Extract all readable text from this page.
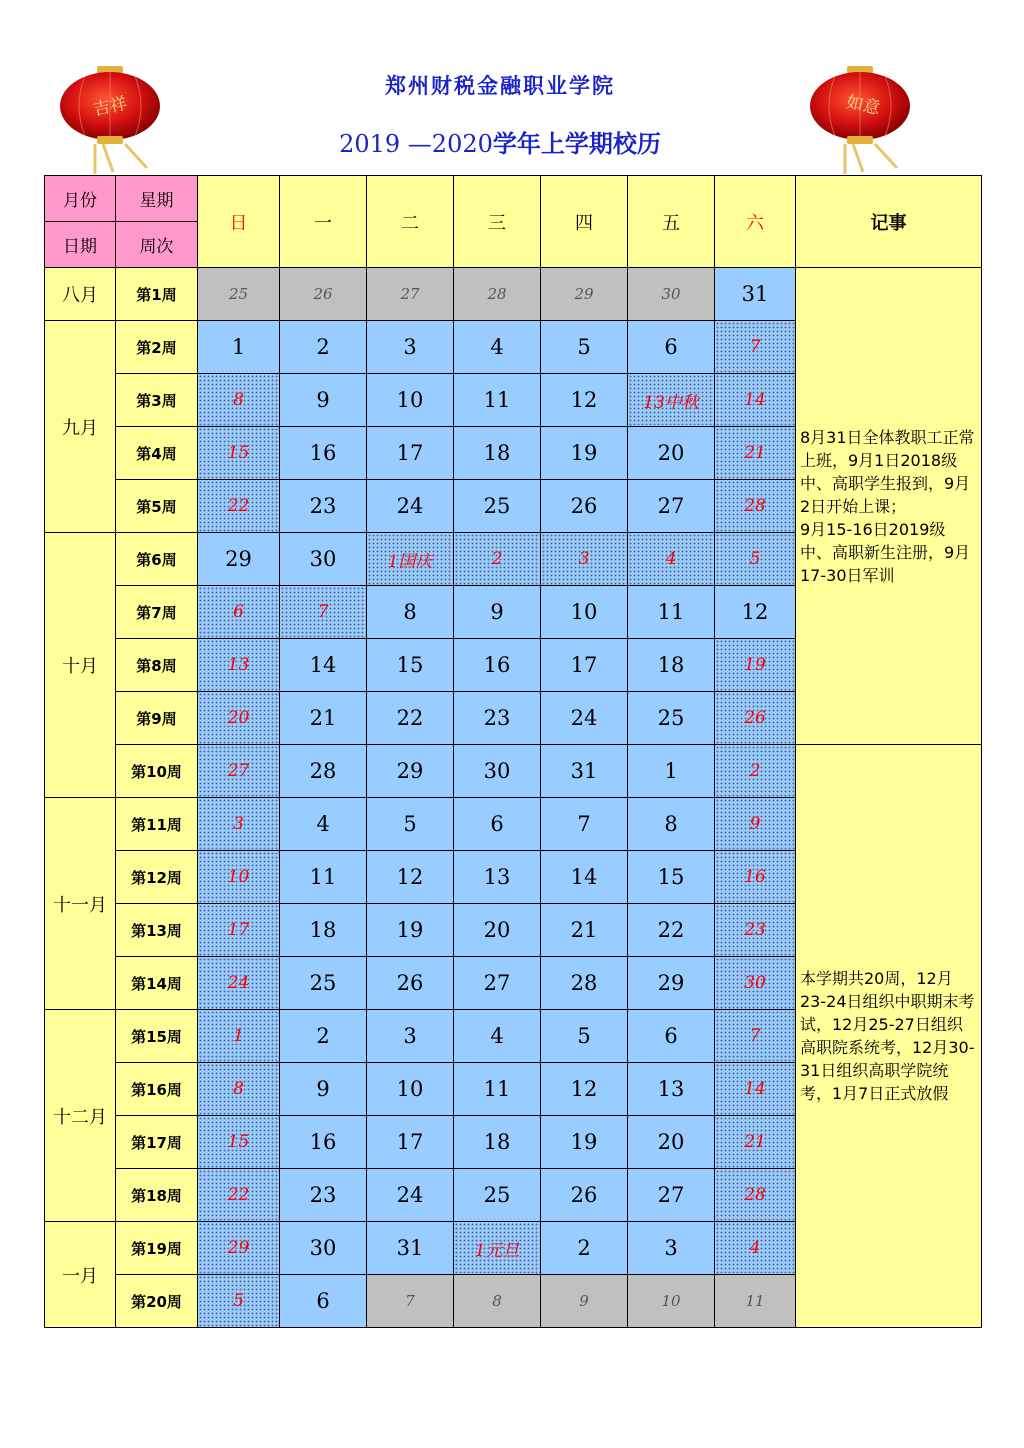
吉祥	如意
郑州财税金融职业学院
2019 —2020学年上学期校历
月份	星期	日	一	二	三	四	五	六	记事
日期	周次								
八月	第1周	25	26	27	28	29	30	31	8月31日全体教职工正常上班，9月1日2018级中、高职学生报到，9月2日开始上课；
9月15-16日2019级中、高职新生注册，9月17-30日军训

九月	第2周	1	2	3	4	5	6	7	
	第3周	8	9	10	11	12	13中秋	14	
	第4周	15	16	17	18	19	20	21	
	第5周	22	23	24	25	26	27	28	
十月	第6周	29	30	1国庆	2	3	4	5	
	第7周	6	7	8	9	10	11	12	
	第8周	13	14	15	16	17	18	19	
	第9周	20	21	22	23	24	25	26	
	第10周	27	28	29	30	31	1	2	本学期共20周，12月23-24日组织中职期末考试，12月25-27日组织高职院系统考，12月30-31日组织高职学院统考，1月7日正式放假

十一月	第11周	3	4	5	6	7	8	9	
	第12周	10	11	12	13	14	15	16	
	第13周	17	18	19	20	21	22	23	
	第14周	24	25	26	27	28	29	30	
十二月	第15周	1	2	3	4	5	6	7	
	第16周	8	9	10	11	12	13	14	
	第17周	15	16	17	18	19	20	21	
	第18周	22	23	24	25	26	27	28	
一月	第19周	29	30	31	1元旦	2	3	4	
	第20周	5	6	7	8	9	10	11	
